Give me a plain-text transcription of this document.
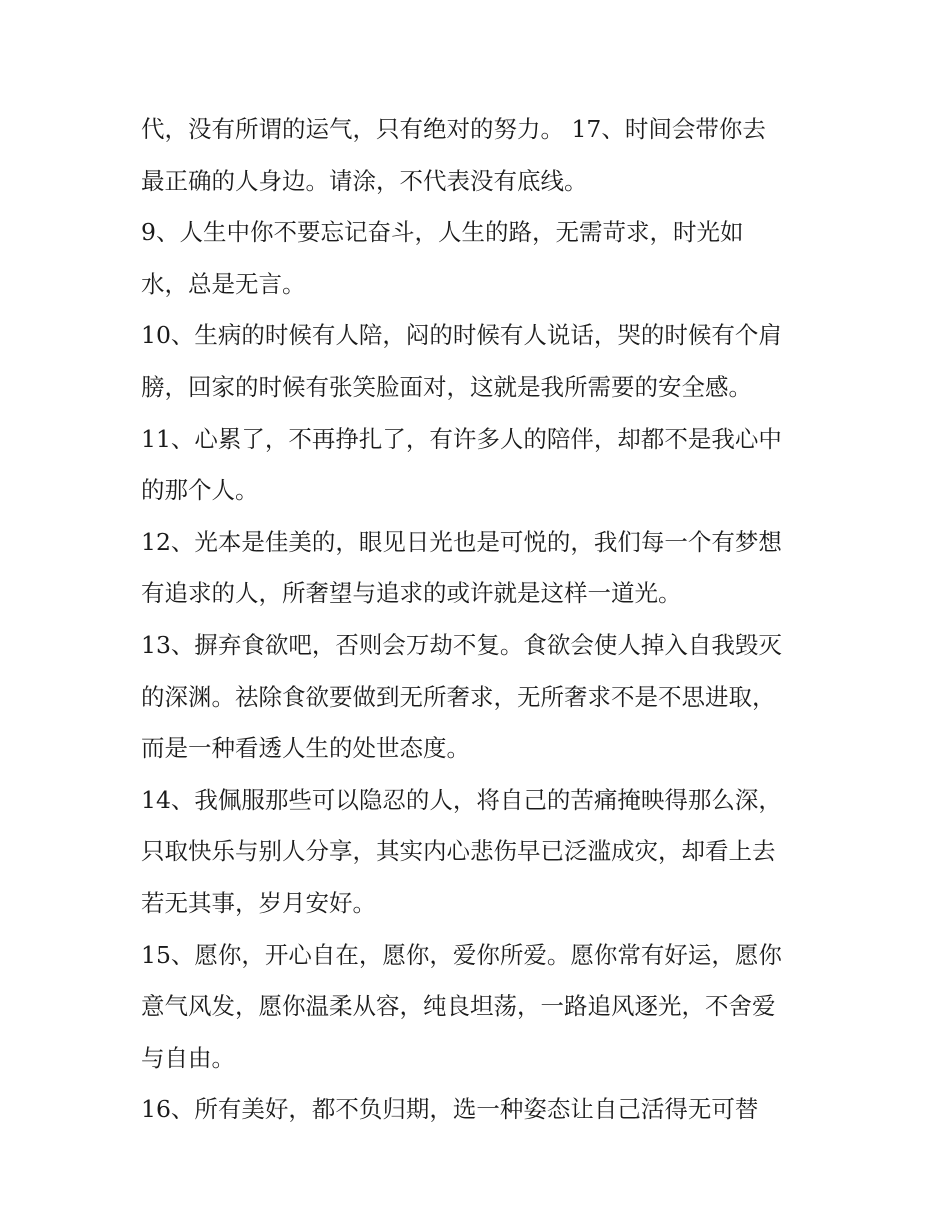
代，没有所谓的运气，只有绝对的努力。 17、时间会带你去
最正确的人身边。请涂，不代表没有底线。

9、人生中你不要忘记奋斗，人生的路，无需苛求，时光如
水，总是无言。

10、生病的时候有人陪，闷的时候有人说话，哭的时候有个肩
膀，回家的时候有张笑脸面对，这就是我所需要的安全感。

11、心累了，不再挣扎了，有许多人的陪伴，却都不是我心中
的那个人。

12、光本是佳美的，眼见日光也是可悦的，我们每一个有梦想
有追求的人，所奢望与追求的或许就是这样一道光。

13、摒弃食欲吧，否则会万劫不复。食欲会使人掉入自我毁灭
的深渊。祛除食欲要做到无所奢求，无所奢求不是不思进取，
而是一种看透人生的处世态度。

14、我佩服那些可以隐忍的人，将自己的苦痛掩映得那么深，
只取快乐与别人分享，其实内心悲伤早已泛滥成灾，却看上去
若无其事，岁月安好。

15、愿你，开心自在，愿你，爱你所爱。愿你常有好运，愿你
意气风发，愿你温柔从容，纯良坦荡，一路追风逐光，不舍爱
与自由。

16、所有美好，都不负归期，选一种姿态让自己活得无可替
